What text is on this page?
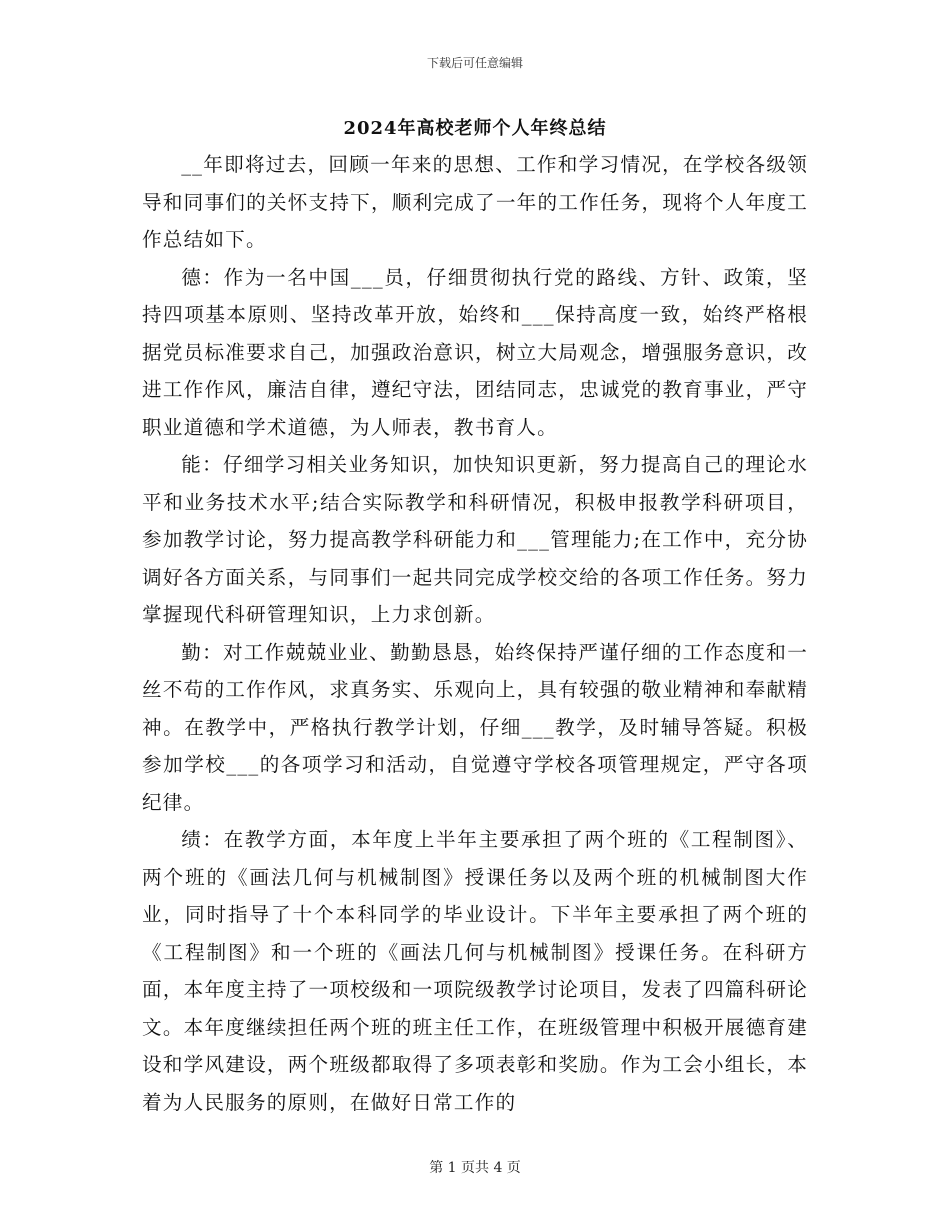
下载后可任意编辑
2024年高校老师个人年终总结

__年即将过去，回顾一年来的思想、工作和学习情况，在学校各级领导和同事们的关怀支持下，顺利完成了一年的工作任务，现将个人年度工作总结如下。

德：作为一名中国___员，仔细贯彻执行党的路线、方针、政策，坚持四项基本原则、坚持改革开放，始终和___保持高度一致，始终严格根据党员标准要求自己，加强政治意识，树立大局观念，增强服务意识，改进工作作风，廉洁自律，遵纪守法，团结同志，忠诚党的教育事业，严守职业道德和学术道德，为人师表，教书育人。

能：仔细学习相关业务知识，加快知识更新，努力提高自己的理论水平和业务技术水平;结合实际教学和科研情况，积极申报教学科研项目，参加教学讨论，努力提高教学科研能力和___管理能力;在工作中，充分协调好各方面关系，与同事们一起共同完成学校交给的各项工作任务。努力掌握现代科研管理知识，上力求创新。

勤：对工作兢兢业业、勤勤恳恳，始终保持严谨仔细的工作态度和一丝不苟的工作作风，求真务实、乐观向上，具有较强的敬业精神和奉献精神。在教学中，严格执行教学计划，仔细___教学，及时辅导答疑。积极参加学校___的各项学习和活动，自觉遵守学校各项管理规定，严守各项纪律。

绩：在教学方面，本年度上半年主要承担了两个班的《工程制图》、两个班的《画法几何与机械制图》授课任务以及两个班的机械制图大作业，同时指导了十个本科同学的毕业设计。下半年主要承担了两个班的《工程制图》和一个班的《画法几何与机械制图》授课任务。在科研方面，本年度主持了一项校级和一项院级教学讨论项目，发表了四篇科研论文。本年度继续担任两个班的班主任工作，在班级管理中积极开展德育建设和学风建设，两个班级都取得了多项表彰和奖励。作为工会小组长，本着为人民服务的原则，在做好日常工作的

第 1 页共 4 页
